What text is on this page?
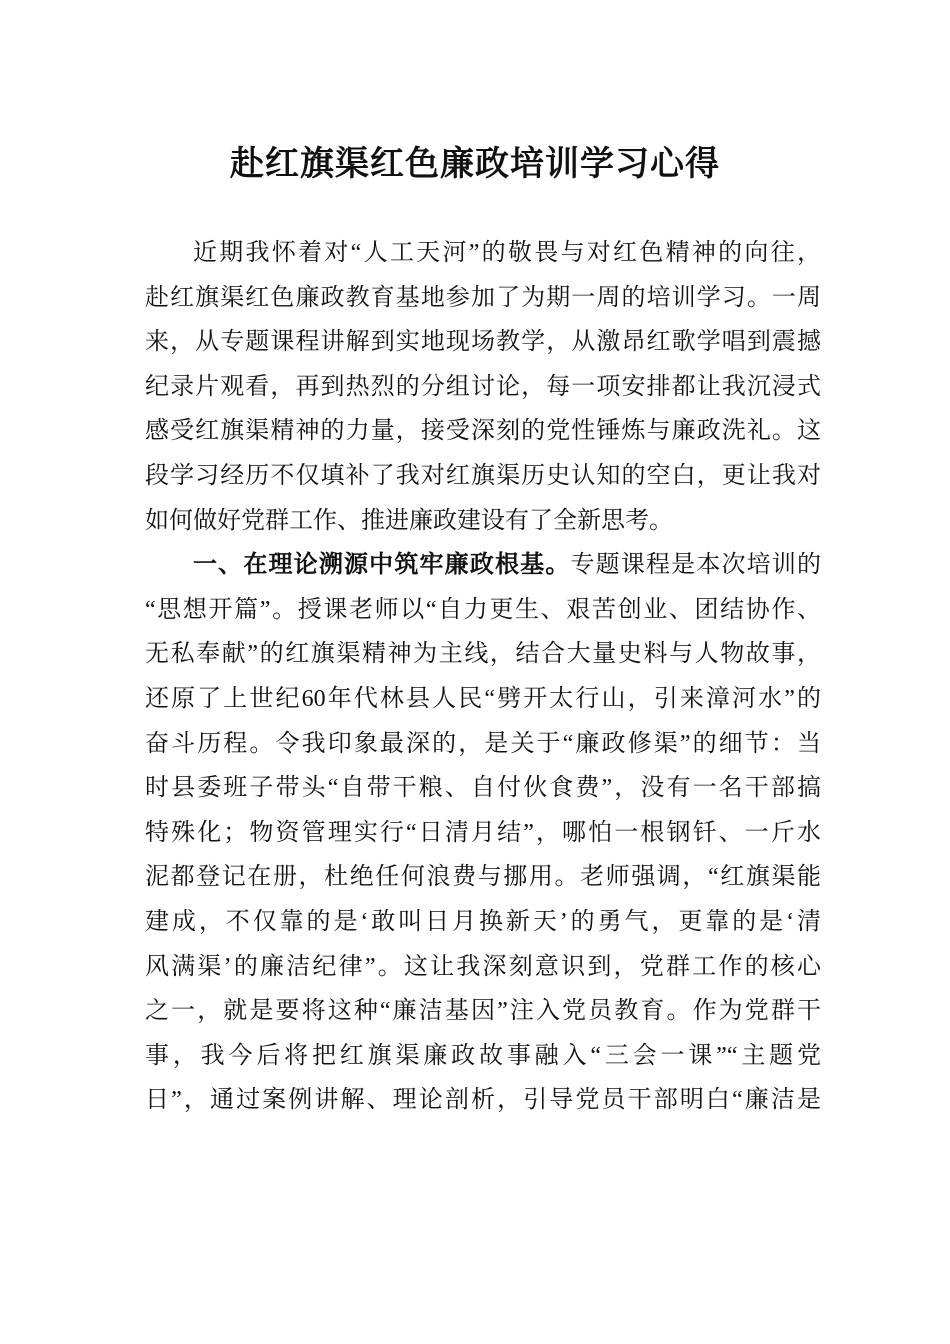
赴红旗渠红色廉政培训学习心得
近期我怀着对“人工天河”的敬畏与对红色精神的向往，
赴红旗渠红色廉政教育基地参加了为期一周的培训学习。一周
来，从专题课程讲解到实地现场教学，从激昂红歌学唱到震撼
纪录片观看，再到热烈的分组讨论，每一项安排都让我沉浸式
感受红旗渠精神的力量，接受深刻的党性锤炼与廉政洗礼。这
段学习经历不仅填补了我对红旗渠历史认知的空白，更让我对
如何做好党群工作、推进廉政建设有了全新思考。
一、在理论溯源中筑牢廉政根基。专题课程是本次培训的
“思想开篇”。授课老师以“自力更生、艰苦创业、团结协作、
无私奉献”的红旗渠精神为主线，结合大量史料与人物故事，
还原了上世纪60年代林县人民“劈开太行山，引来漳河水”的
奋斗历程。令我印象最深的，是关于“廉政修渠”的细节：当
时县委班子带头“自带干粮、自付伙食费”，没有一名干部搞
特殊化；物资管理实行“日清月结”，哪怕一根钢钎、一斤水
泥都登记在册，杜绝任何浪费与挪用。老师强调，“红旗渠能
建成，不仅靠的是‘敢叫日月换新天’的勇气，更靠的是‘清
风满渠’的廉洁纪律”。这让我深刻意识到，党群工作的核心
之一，就是要将这种“廉洁基因”注入党员教育。作为党群干
事，我今后将把红旗渠廉政故事融入“三会一课”“主题党
日”，通过案例讲解、理论剖析，引导党员干部明白“廉洁是
